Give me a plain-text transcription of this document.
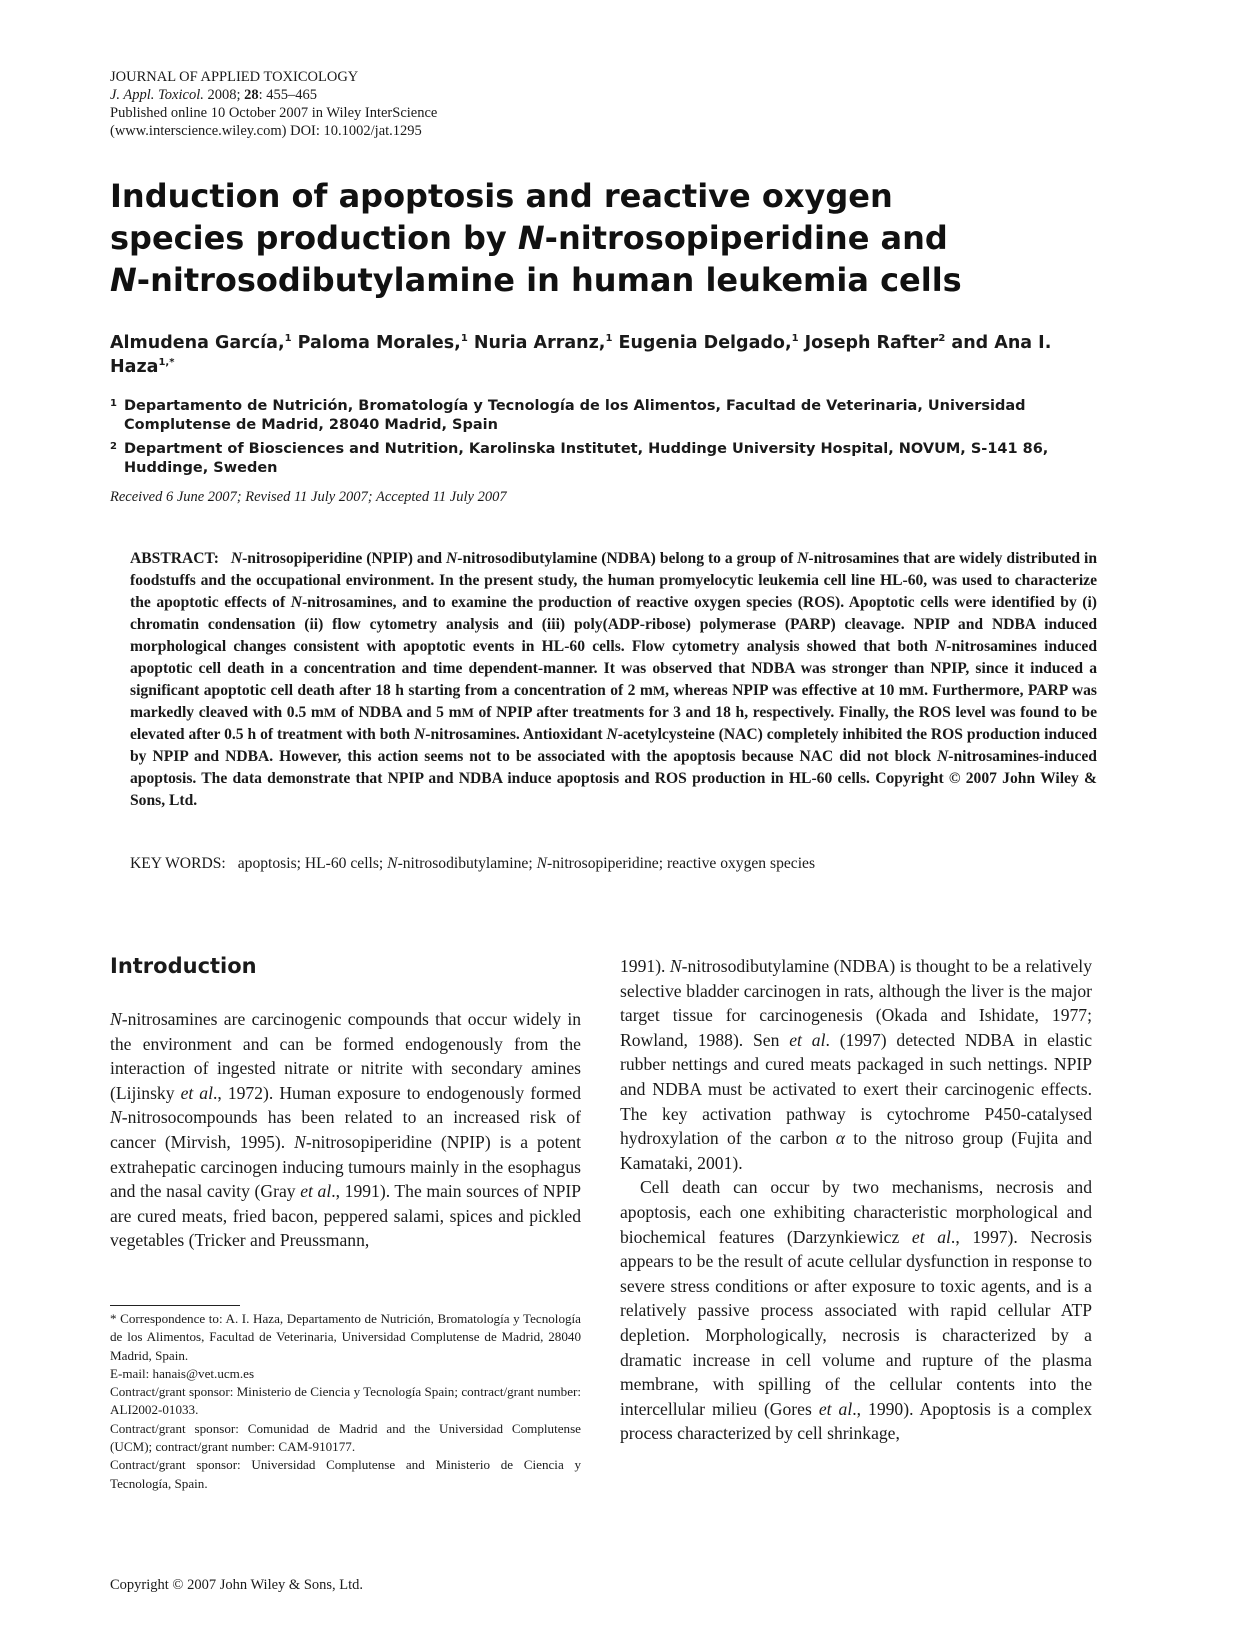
JOURNAL OF APPLIED TOXICOLOGY
J. Appl. Toxicol. 2008; 28: 455–465
Published online 10 October 2007 in Wiley InterScience
(www.interscience.wiley.com) DOI: 10.1002/jat.1295
Induction of apoptosis and reactive oxygen
species production by N-nitrosopiperidine and
N-nitrosodibutylamine in human leukemia cells
Almudena García,$^1$ Paloma Morales,$^1$ Nuria Arranz,$^1$ Eugenia Delgado,$^1$ Joseph Rafter$^2$ and Ana I. Haza$^{1,*}$
1 Departamento de Nutrición, Bromatología y Tecnología de los Alimentos, Facultad de Veterinaria, Universidad Complutense de Madrid, 28040 Madrid, Spain
2 Department of Biosciences and Nutrition, Karolinska Institutet, Huddinge University Hospital, NOVUM, S-141 86, Huddinge, Sweden
Received 6 June 2007; Revised 11 July 2007; Accepted 11 July 2007
ABSTRACT: N-nitrosopiperidine (NPIP) and N-nitrosodibutylamine (NDBA) belong to a group of N-nitrosamines that are widely distributed in foodstuffs and the occupational environment. In the present study, the human promyelocytic leukemia cell line HL-60, was used to characterize the apoptotic effects of N-nitrosamines, and to examine the production of reactive oxygen species (ROS). Apoptotic cells were identified by (i) chromatin condensation (ii) flow cytometry analysis and (iii) poly(ADP-ribose) polymerase (PARP) cleavage. NPIP and NDBA induced morphological changes consistent with apoptotic events in HL-60 cells. Flow cytometry analysis showed that both N-nitrosamines induced apoptotic cell death in a concentration and time dependent-manner. It was observed that NDBA was stronger than NPIP, since it induced a significant apoptotic cell death after 18 h starting from a concentration of 2 mM, whereas NPIP was effective at 10 mM. Furthermore, PARP was markedly cleaved with 0.5 mM of NDBA and 5 mM of NPIP after treatments for 3 and 18 h, respectively. Finally, the ROS level was found to be elevated after 0.5 h of treatment with both N-nitrosamines. Antioxidant N-acetylcysteine (NAC) completely inhibited the ROS production induced by NPIP and NDBA. However, this action seems not to be associated with the apoptosis because NAC did not block N-nitrosamines-induced apoptosis. The data demonstrate that NPIP and NDBA induce apoptosis and ROS production in HL-60 cells. Copyright © 2007 John Wiley & Sons, Ltd.
KEY WORDS: apoptosis; HL-60 cells; N-nitrosodibutylamine; N-nitrosopiperidine; reactive oxygen species
Introduction

N-nitrosamines are carcinogenic compounds that occur widely in the environment and can be formed endogenously from the interaction of ingested nitrate or nitrite with secondary amines (Lijinsky et al., 1972). Human exposure to endogenously formed N-nitrosocompounds has been related to an increased risk of cancer (Mirvish, 1995). N-nitrosopiperidine (NPIP) is a potent extrahepatic carcinogen inducing tumours mainly in the esophagus and the nasal cavity (Gray et al., 1991). The main sources of NPIP are cured meats, fried bacon, peppered salami, spices and pickled vegetables (Tricker and Preussmann,

* Correspondence to: A. I. Haza, Departamento de Nutrición, Bromatología y Tecnología de los Alimentos, Facultad de Veterinaria, Universidad Complutense de Madrid, 28040 Madrid, Spain.

E-mail: hanais@vet.ucm.es

Contract/grant sponsor: Ministerio de Ciencia y Tecnología Spain; contract/grant number: ALI2002-01033.

Contract/grant sponsor: Comunidad de Madrid and the Universidad Complutense (UCM); contract/grant number: CAM-910177.

Contract/grant sponsor: Universidad Complutense and Ministerio de Ciencia y Tecnología, Spain.

1991). N-nitrosodibutylamine (NDBA) is thought to be a relatively selective bladder carcinogen in rats, although the liver is the major target tissue for carcinogenesis (Okada and Ishidate, 1977; Rowland, 1988). Sen et al. (1997) detected NDBA in elastic rubber nettings and cured meats packaged in such nettings. NPIP and NDBA must be activated to exert their carcinogenic effects. The key activation pathway is cytochrome P450-catalysed hydroxylation of the carbon α to the nitroso group (Fujita and Kamataki, 2001).

Cell death can occur by two mechanisms, necrosis and apoptosis, each one exhibiting characteristic morphological and biochemical features (Darzynkiewicz et al., 1997). Necrosis appears to be the result of acute cellular dysfunction in response to severe stress conditions or after exposure to toxic agents, and is a relatively passive process associated with rapid cellular ATP depletion. Morphologically, necrosis is characterized by a dramatic increase in cell volume and rupture of the plasma membrane, with spilling of the cellular contents into the intercellular milieu (Gores et al., 1990). Apoptosis is a complex process characterized by cell shrinkage,

Copyright © 2007 John Wiley & Sons, Ltd.
